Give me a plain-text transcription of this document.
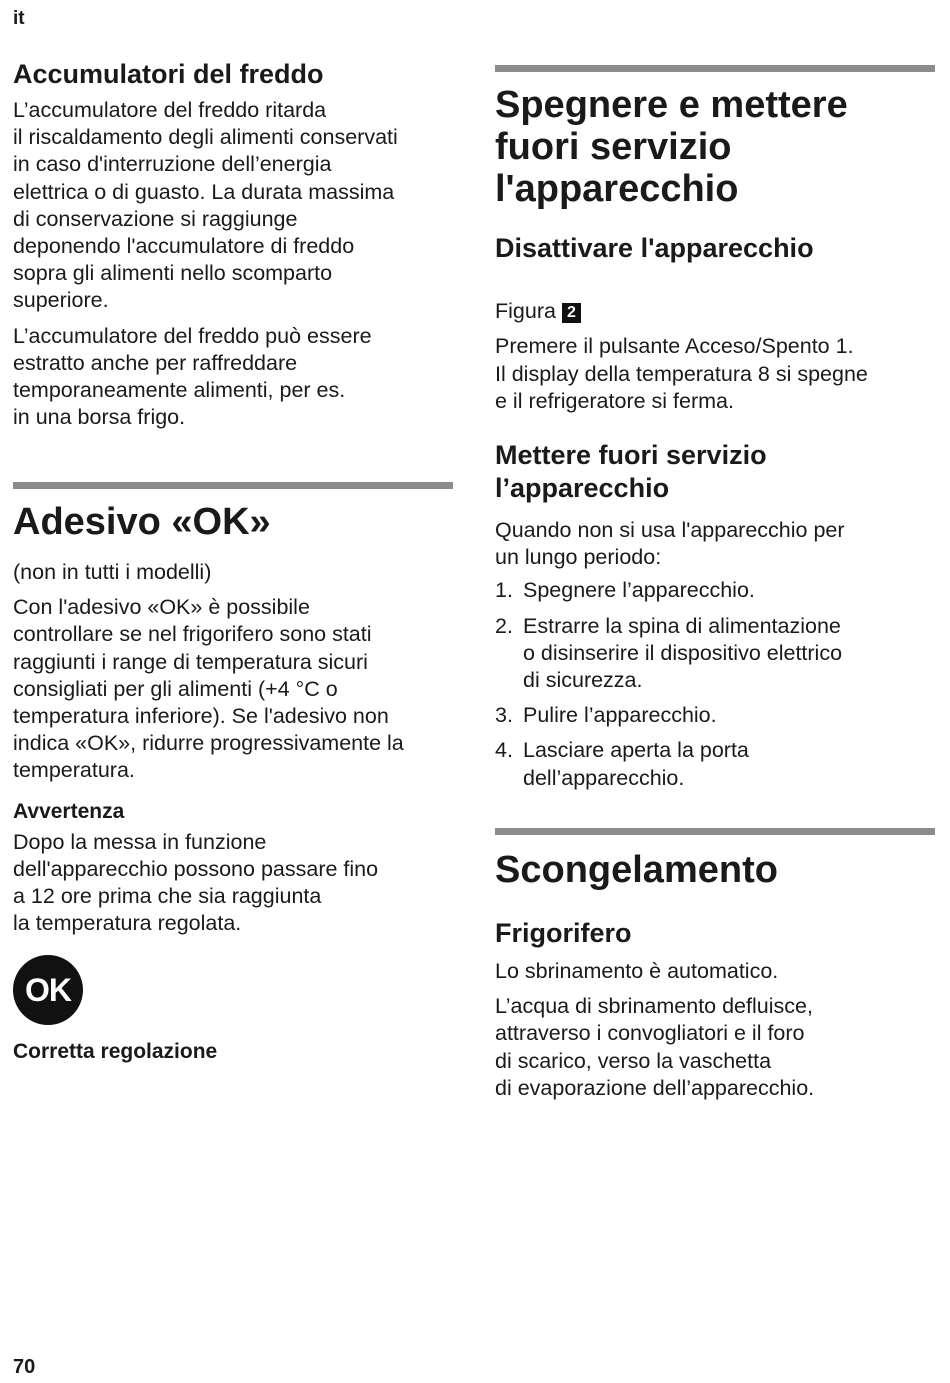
it
Accumulatori del freddo
L’accumulatore del freddo ritarda
il riscaldamento degli alimenti conservati
in caso d'interruzione dell’energia
elettrica o di guasto. La durata massima
di conservazione si raggiunge
deponendo l'accumulatore di freddo
sopra gli alimenti nello scomparto
superiore.
L’accumulatore del freddo può essere
estratto anche per raffreddare
temporaneamente alimenti, per es.
in una borsa frigo.
Adesivo «OK»
(non in tutti i modelli)
Con l'adesivo «OK» è possibile
controllare se nel frigorifero sono stati
raggiunti i range di temperatura sicuri
consigliati per gli alimenti (+4 °C o
temperatura inferiore). Se l'adesivo non
indica «OK», ridurre progressivamente la
temperatura.
Avvertenza
Dopo la messa in funzione
dell'apparecchio possono passare fino
a 12 ore prima che sia raggiunta
la temperatura regolata.
OK
Corretta regolazione
Spegnere e mettere
fuori servizio
l'apparecchio
Disattivare l'apparecchio

Figura 2

Premere il pulsante Acceso/Spento 1.
Il display della temperatura 8 si spegne
e il refrigeratore si ferma.
Mettere fuori servizio
l’apparecchio
Quando non si usa l'apparecchio per
un lungo periodo:
1. Spegnere l’apparecchio.
2. Estrarre la spina di alimentazione
o disinserire il dispositivo elettrico
di sicurezza.
3. Pulire l’apparecchio.
4. Lasciare aperta la porta
dell’apparecchio.
Scongelamento
Frigorifero
Lo sbrinamento è automatico.
L’acqua di sbrinamento defluisce,
attraverso i convogliatori e il foro
di scarico, verso la vaschetta
di evaporazione dell’apparecchio.
70
